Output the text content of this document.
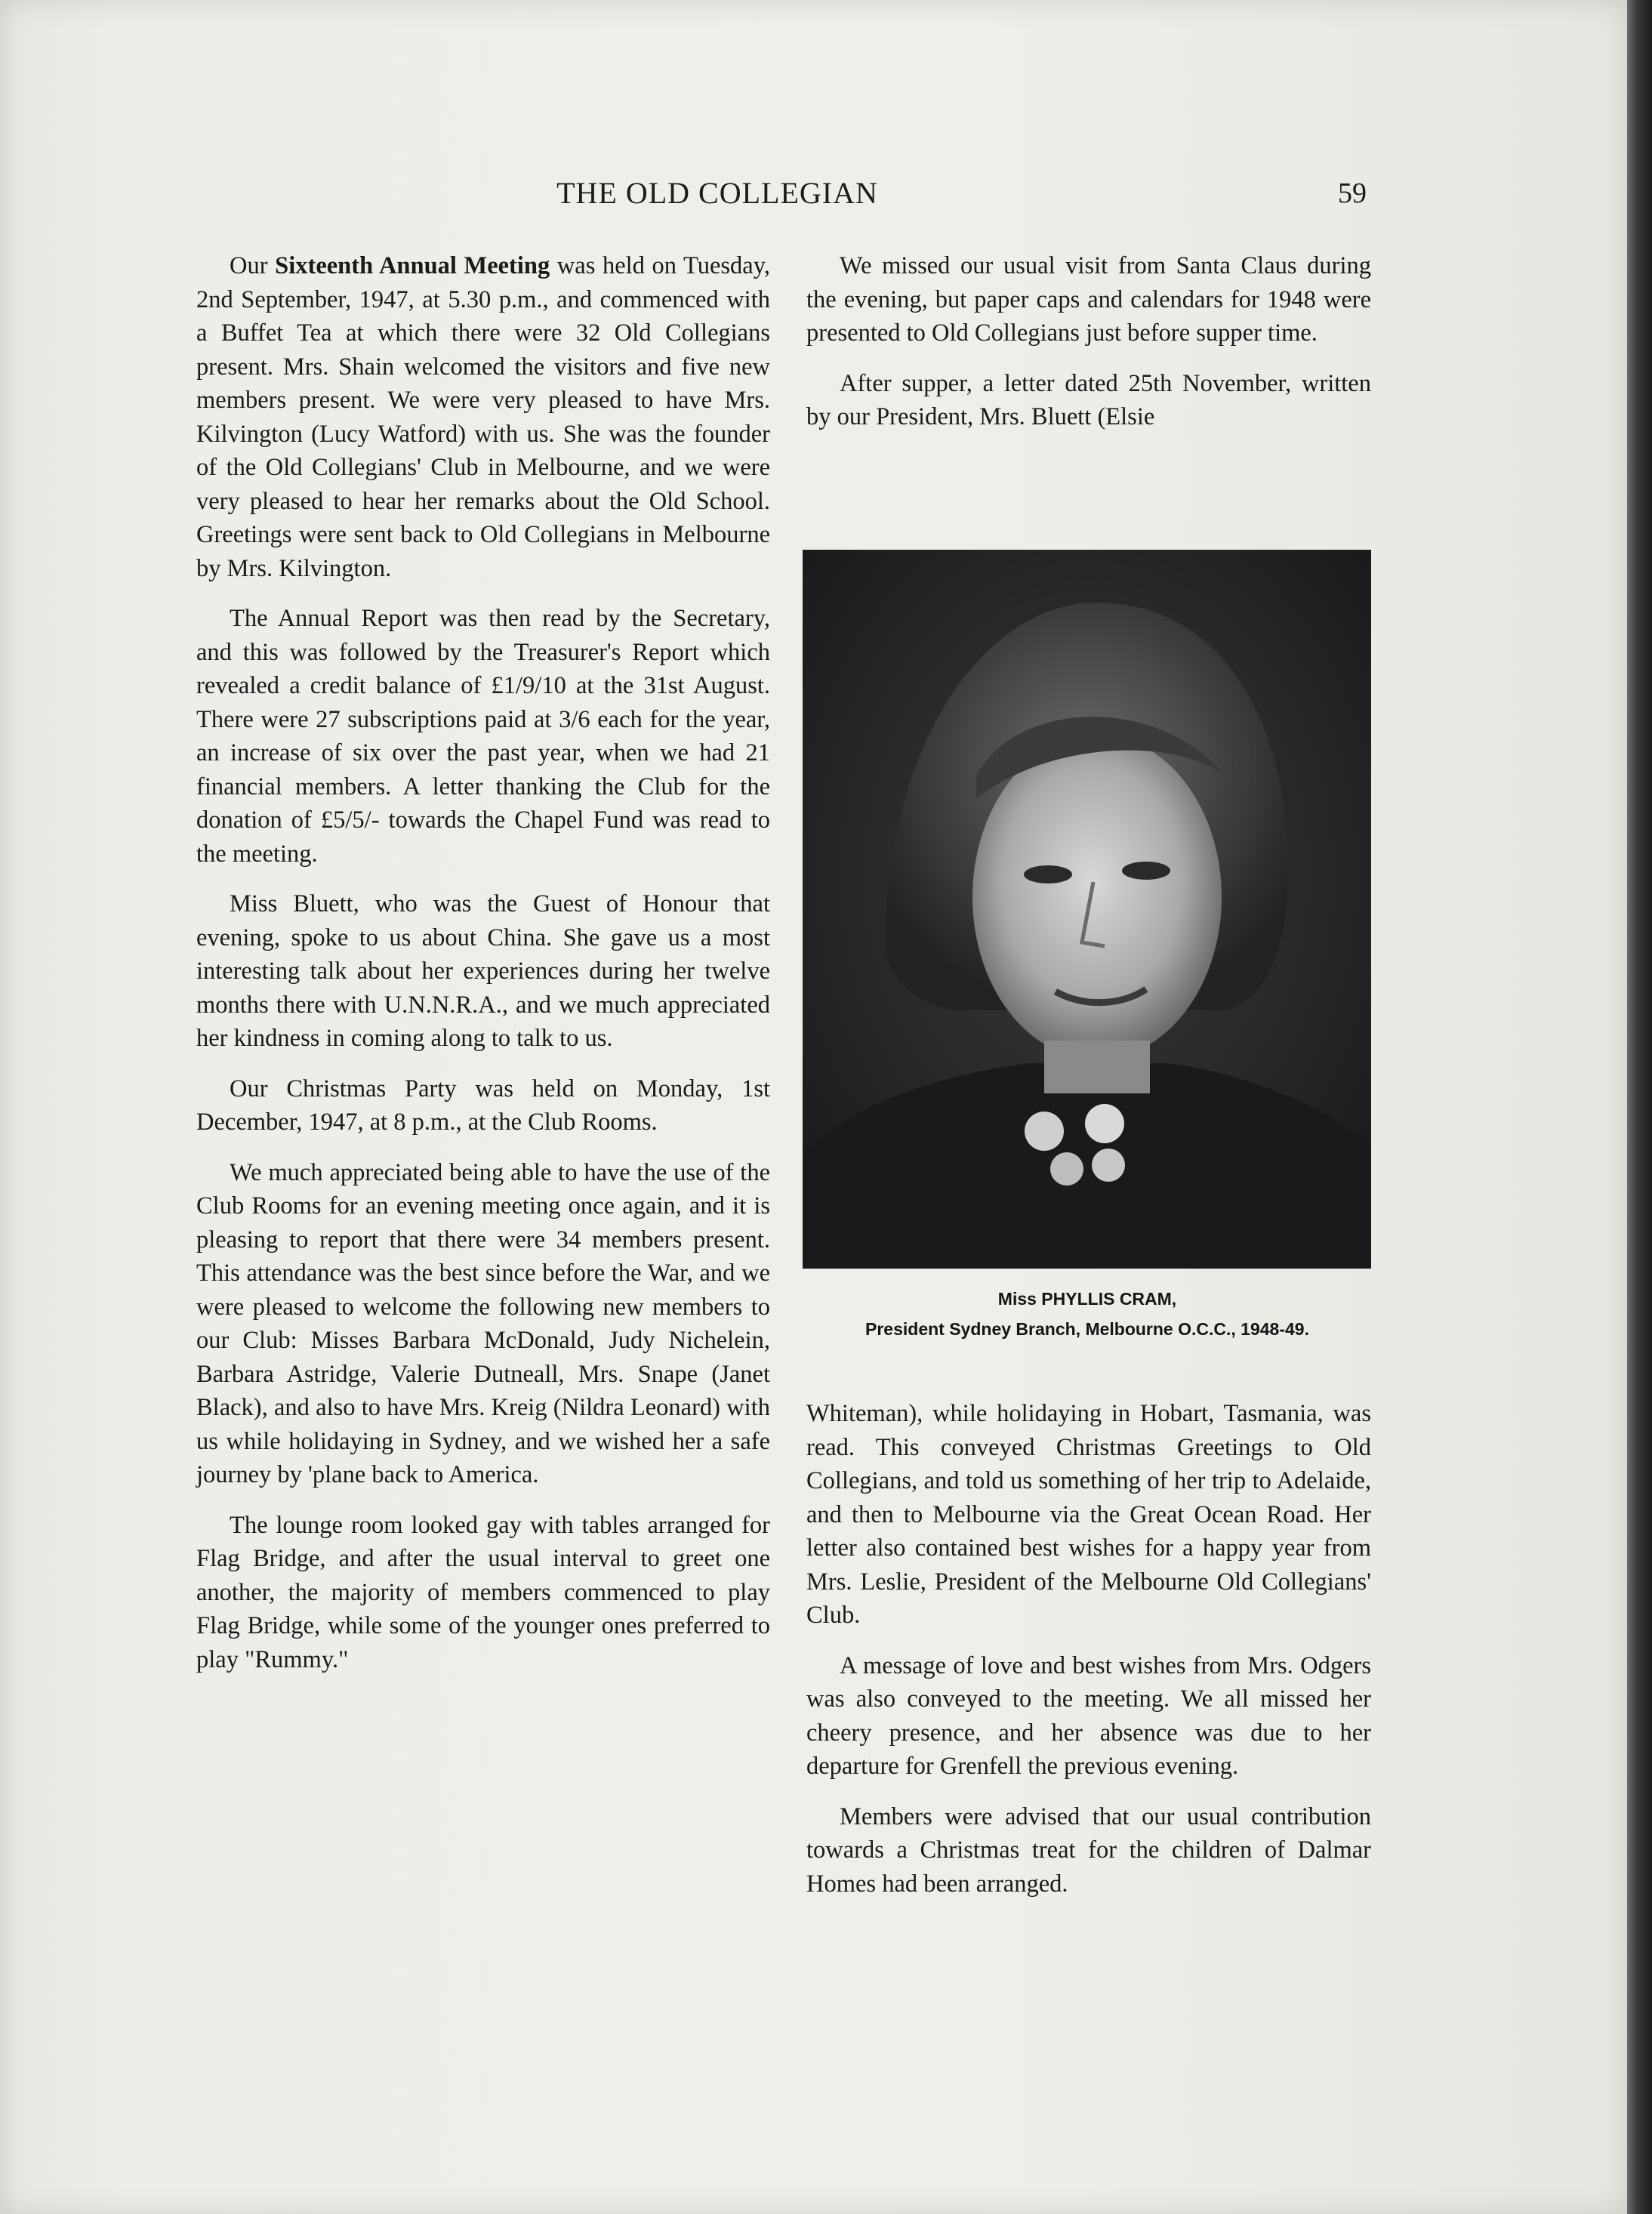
THE OLD COLLEGIAN	59

Our Sixteenth Annual Meeting was held on Tuesday, 2nd September, 1947, at 5.30 p.m., and commenced with a Buffet Tea at which there were 32 Old Collegians present. Mrs. Shain welcomed the visitors and five new members present. We were very pleased to have Mrs. Kilvington (Lucy Watford) with us. She was the founder of the Old Collegians' Club in Melbourne, and we were very pleased to hear her remarks about the Old School. Greetings were sent back to Old Collegians in Melbourne by Mrs. Kilvington.

The Annual Report was then read by the Secretary, and this was followed by the Treasurer's Report which revealed a credit balance of £1/9/10 at the 31st August. There were 27 subscriptions paid at 3/6 each for the year, an increase of six over the past year, when we had 21 financial members. A letter thanking the Club for the donation of £5/5/- towards the Chapel Fund was read to the meeting.

Miss Bluett, who was the Guest of Honour that evening, spoke to us about China. She gave us a most interesting talk about her experiences during her twelve months there with U.N.N.R.A., and we much appreciated her kindness in coming along to talk to us.

Our Christmas Party was held on Monday, 1st December, 1947, at 8 p.m., at the Club Rooms.

We much appreciated being able to have the use of the Club Rooms for an evening meeting once again, and it is pleasing to report that there were 34 members present. This attendance was the best since before the War, and we were pleased to welcome the following new members to our Club: Misses Barbara McDonald, Judy Nichelein, Barbara Astridge, Valerie Dutneall, Mrs. Snape (Janet Black), and also to have Mrs. Kreig (Nildra Leonard) with us while holidaying in Sydney, and we wished her a safe journey by 'plane back to America.

The lounge room looked gay with tables arranged for Flag Bridge, and after the usual interval to greet one another, the majority of members commenced to play Flag Bridge, while some of the younger ones preferred to play "Rummy."

We missed our usual visit from Santa Claus during the evening, but paper caps and calendars for 1948 were presented to Old Collegians just before supper time.

After supper, a letter dated 25th November, written by our President, Mrs. Bluett (Elsie

Miss PHYLLIS CRAM,
President Sydney Branch, Melbourne O.C.C., 1948-49.

Whiteman), while holidaying in Hobart, Tasmania, was read. This conveyed Christmas Greetings to Old Collegians, and told us something of her trip to Adelaide, and then to Melbourne via the Great Ocean Road. Her letter also contained best wishes for a happy year from Mrs. Leslie, President of the Melbourne Old Collegians' Club.

A message of love and best wishes from Mrs. Odgers was also conveyed to the meeting. We all missed her cheery presence, and her absence was due to her departure for Grenfell the previous evening.

Members were advised that our usual contribution towards a Christmas treat for the children of Dalmar Homes had been arranged.
